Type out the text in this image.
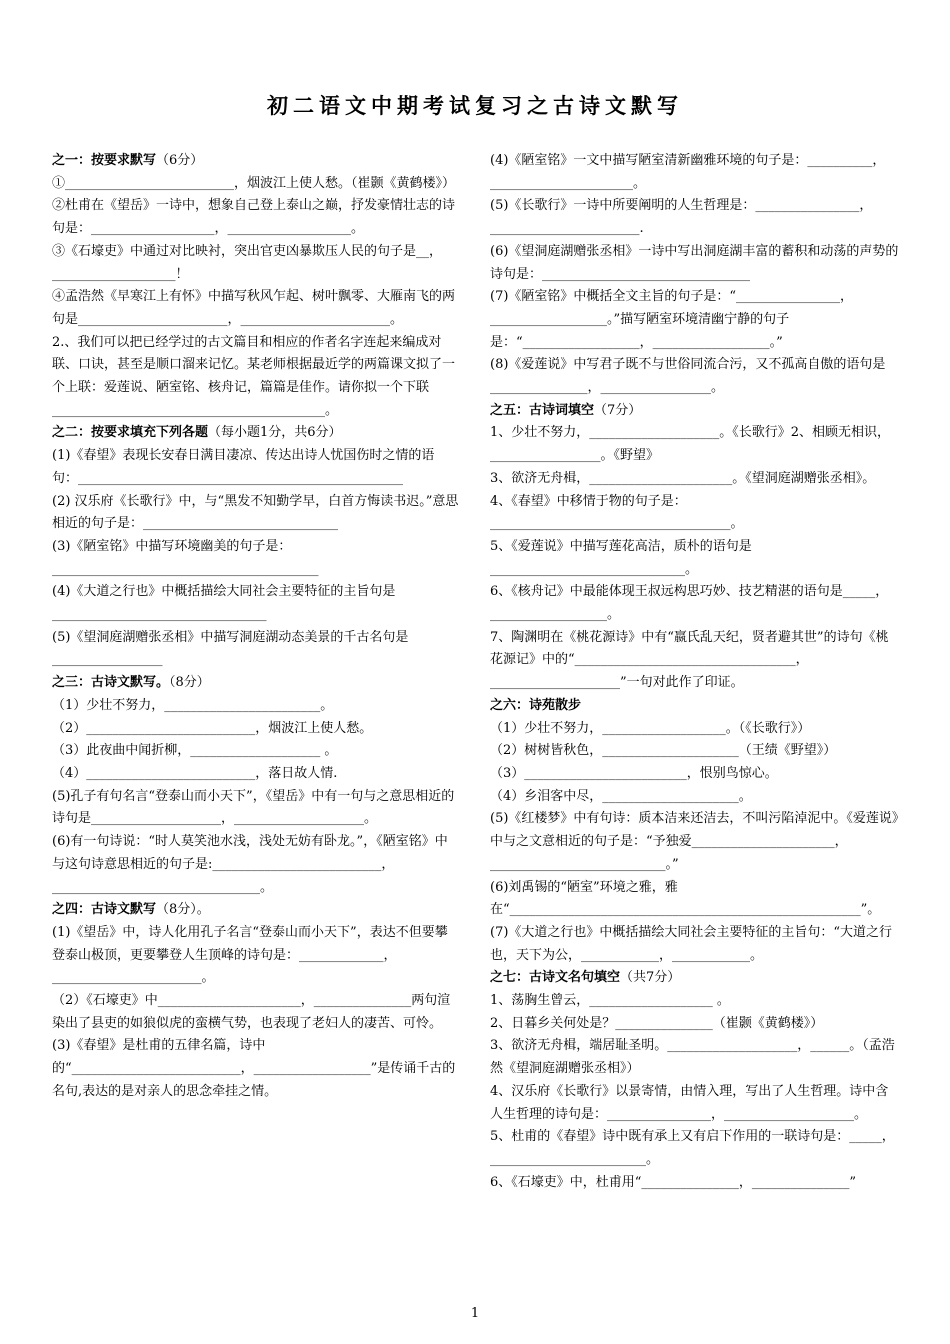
初二语文中期考试复习之古诗文默写

之一：按要求默写（6分）

①__________________________，烟波江上使人愁。（崔颢《黄鹤楼》）

②杜甫在《望岳》一诗中，想象自己登上泰山之巅，抒发豪情壮志的诗句是：___________________，___________________。

③《石壕吏》中通过对比映衬，突出官吏凶暴欺压人民的句子是__，___________________！

④孟浩然《早寒江上有怀》中描写秋风乍起、树叶飘零、大雁南飞的两句是_______________________，_______________________。

2.、我们可以把已经学过的古文篇目和相应的作者名字连起来编成对联、口诀，甚至是顺口溜来记忆。某老师根据最近学的两篇课文拟了一个上联：爱莲说、陋室铭、核舟记，篇篇是佳作。请你拟一个下联__________________________________________。

之二：按要求填充下列各题（每小题1分，共6分）

(1)《春望》表现长安春日满目凄凉、传达出诗人忧国伤时之情的语句：__________________________________________________

(2) 汉乐府《长歌行》中，与“黑发不知勤学早，白首方悔读书迟。”意思相近的句子是：______________________________

(3)《陋室铭》中描写环境幽美的句子是：_________________________________________

(4)《大道之行也》中概括描绘大同社会主要特征的主旨句是_________________________________

(5)《望洞庭湖赠张丞相》中描写洞庭湖动态美景的千古名句是_________________

之三：古诗文默写。（8分）

（1）少壮不努力，________________________。

（2）__________________________，烟波江上使人愁。

（3）此夜曲中闻折柳，____________________ 。

（4）__________________________，落日故人情.

(5)孔子有句名言“登泰山而小天下”，《望岳》中有一句与之意思相近的诗句是____________________，____________________。

(6)有一句诗说：“时人莫笑池水浅，浅处无妨有卧龙。”，《陋室铭》中与这句诗意思相近的句子是:__________________________，________________________________。

之四：古诗文默写（8分）。

(1)《望岳》中，诗人化用孔子名言“登泰山而小天下”，表达不但要攀登泰山极顶，更要攀登人生顶峰的诗句是：_____________，_______________________。

（2）《石壕吏》中______________________，_______________两句渲染出了县吏的如狼似虎的蛮横气势，也表现了老妇人的凄苦、可怜。

(3)《春望》是杜甫的五律名篇，诗中的“__________________________，__________________”是传诵千古的名句,表达的是对亲人的思念牵挂之情。

(4)《陋室铭》一文中描写陋室清新幽雅环境的句子是：__________，______________________。

(5)《长歌行》一诗中所要阐明的人生哲理是：________________，_______________________.

(6)《望洞庭湖赠张丞相》一诗中写出洞庭湖丰富的蓄积和动荡的声势的诗句是：________________________________

(7)《陋室铭》中概括全文主旨的句子是：“________________，__________________。”描写陋室环境清幽宁静的句子是：“__________________，__________________。”

(8)《爱莲说》中写君子既不与世俗同流合污，又不孤高自傲的语句是_______________，_________________。

之五：古诗词填空（7分）

1、少壮不努力，____________________。《长歌行》2、相顾无相识，_________________。《野望》

3、欲济无舟楫，______________________。《望洞庭湖赠张丞相》。

4、《春望》中移情于物的句子是：_____________________________________。

5、《爱莲说》中描写莲花高洁，质朴的语句是______________________________。

6、《核舟记》中最能体现王叔远构思巧妙、技艺精湛的语句是_____，__________________。

7、陶渊明在《桃花源诗》中有“嬴氏乱天纪，贤者避其世”的诗句《桃花源记》中的“__________________________________，____________________”一句对此作了印证。

之六：诗苑散步

（1）少壮不努力，___________________。（《长歌行》）

（2）树树皆秋色，_____________________（王绩《野望》）

（3）_________________________，恨别鸟惊心。

（4）乡泪客中尽，_____________________。

(5)《红楼梦》中有句诗：质本洁来还洁去，不叫污陷淖泥中。《爱莲说》中与之文意相近的句子是：“予独爱______________________，___________________________。”

(6)刘禹锡的“陋室”环境之雅，雅在“______________________________________________________”。

(7)《大道之行也》中概括描绘大同社会主要特征的主旨句：“大道之行也，天下为公，____________，____________。

之七：古诗文名句填空（共7分）

1、荡胸生曾云，___________________ 。

2、日暮乡关何处是？_______________（崔颢《黄鹤楼》）

3、欲济无舟楫，端居耻圣明。____________________，______。（孟浩然《望洞庭湖赠张丞相》）

4、汉乐府《长歌行》以景寄情，由情入理，写出了人生哲理。诗中含人生哲理的诗句是：________________，____________________。

5、杜甫的《春望》诗中既有承上又有启下作用的一联诗句是：_____，________________________。

6、《石壕吏》中，杜甫用“_______________，_______________”

1
